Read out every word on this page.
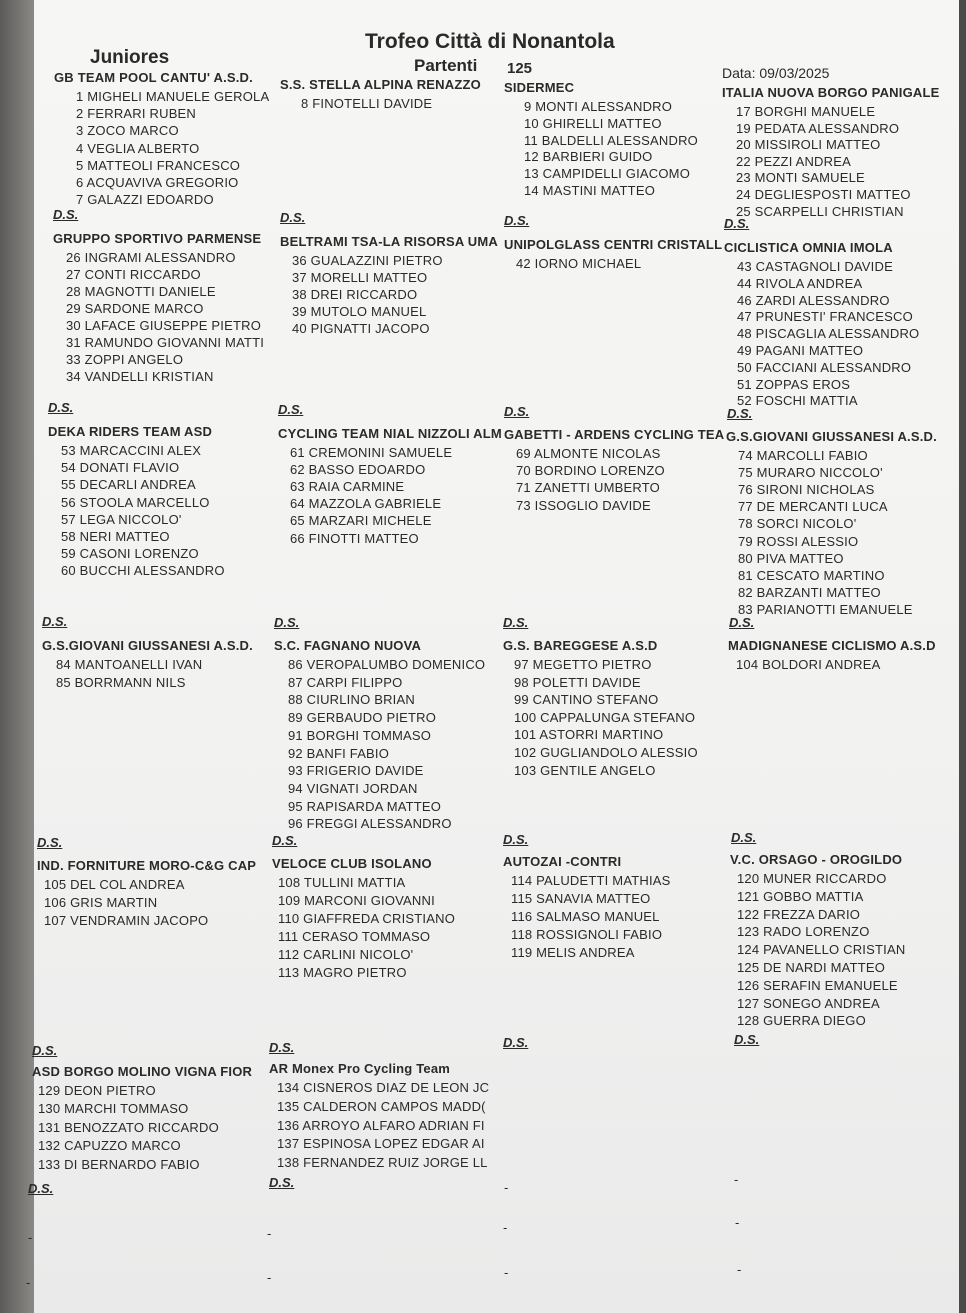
Trofeo Città di Nonantola
Juniores	Partenti 125	Data: 09/03/2025
GB TEAM POOL CANTU' A.S.D.
1 MIGHELI MANUELE GEROLA
2 FERRARI RUBEN
3 ZOCO MARCO
4 VEGLIA ALBERTO
5 MATTEOLI FRANCESCO
6 ACQUAVIVA GREGORIO
7 GALAZZI EDOARDO
S.S. STELLA ALPINA RENAZZO
8 FINOTELLI DAVIDE
SIDERMEC
9 MONTI ALESSANDRO
10 GHIRELLI MATTEO
11 BALDELLI ALESSANDRO
12 BARBIERI GUIDO
13 CAMPIDELLI GIACOMO
14 MASTINI MATTEO
ITALIA NUOVA BORGO PANIGALE
17 BORGHI MANUELE
19 PEDATA ALESSANDRO
20 MISSIROLI MATTEO
22 PEZZI ANDREA
23 MONTI SAMUELE
24 DEGLIESPOSTI MATTEO
25 SCARPELLI CHRISTIAN
GRUPPO SPORTIVO PARMENSE
26 INGRAMI ALESSANDRO
27 CONTI RICCARDO
28 MAGNOTTI DANIELE
29 SARDONE MARCO
30 LAFACE GIUSEPPE PIETRO
31 RAMUNDO GIOVANNI MATTI
33 ZOPPI ANGELO
34 VANDELLI KRISTIAN
BELTRAMI TSA-LA RISORSA UMA
36 GUALAZZINI PIETRO
37 MORELLI MATTEO
38 DREI RICCARDO
39 MUTOLO MANUEL
40 PIGNATTI JACOPO
UNIPOLGLASS CENTRI CRISTALL
42 IORNO MICHAEL
CICLISTICA OMNIA IMOLA
43 CASTAGNOLI DAVIDE
44 RIVOLA ANDREA
46 ZARDI ALESSANDRO
47 PRUNESTI' FRANCESCO
48 PISCAGLIA ALESSANDRO
49 PAGANI MATTEO
50 FACCIANI ALESSANDRO
51 ZOPPAS EROS
52 FOSCHI MATTIA
DEKA RIDERS TEAM ASD
53 MARCACCINI ALEX
54 DONATI FLAVIO
55 DECARLI ANDREA
56 STOOLA MARCELLO
57 LEGA NICCOLO'
58 NERI MATTEO
59 CASONI LORENZO
60 BUCCHI ALESSANDRO
CYCLING TEAM NIAL NIZZOLI ALM
61 CREMONINI SAMUELE
62 BASSO EDOARDO
63 RAIA CARMINE
64 MAZZOLA GABRIELE
65 MARZARI MICHELE
66 FINOTTI MATTEO
GABETTI - ARDENS CYCLING TEA
69 ALMONTE NICOLAS
70 BORDINO LORENZO
71 ZANETTI UMBERTO
73 ISSOGLIO DAVIDE
G.S.GIOVANI GIUSSANESI A.S.D.
74 MARCOLLI FABIO
75 MURARO NICCOLO'
76 SIRONI NICHOLAS
77 DE MERCANTI LUCA
78 SORCI NICOLO'
79 ROSSI ALESSIO
80 PIVA MATTEO
81 CESCATO MARTINO
82 BARZANTI MATTEO
83 PARIANOTTI EMANUELE
G.S.GIOVANI GIUSSANESI A.S.D.
84 MANTOANELLI IVAN
85 BORRMANN NILS
S.C. FAGNANO NUOVA
86 VEROPALUMBO DOMENICO
87 CARPI FILIPPO
88 CIURLINO BRIAN
89 GERBAUDO PIETRO
91 BORGHI TOMMASO
92 BANFI FABIO
93 FRIGERIO DAVIDE
94 VIGNATI JORDAN
95 RAPISARDA MATTEO
96 FREGGI ALESSANDRO
G.S. BAREGGESE A.S.D
97 MEGETTO PIETRO
98 POLETTI DAVIDE
99 CANTINO STEFANO
100 CAPPALUNGA STEFANO
101 ASTORRI MARTINO
102 GUGLIANDOLO ALESSIO
103 GENTILE ANGELO
MADIGNANESE CICLISMO A.S.D
104 BOLDORI ANDREA
IND. FORNITURE MORO-C&G CAP
105 DEL COL ANDREA
106 GRIS MARTIN
107 VENDRAMIN JACOPO
VELOCE CLUB ISOLANO
108 TULLINI MATTIA
109 MARCONI GIOVANNI
110 GIAFFREDA CRISTIANO
111 CERASO TOMMASO
112 CARLINI NICOLO'
113 MAGRO PIETRO
AUTOZAI -CONTRI
114 PALUDETTI MATHIAS
115 SANAVIA MATTEO
116 SALMASO MANUEL
118 ROSSIGNOLI FABIO
119 MELIS ANDREA
V.C. ORSAGO - OROGILDO
120 MUNER RICCARDO
121 GOBBO MATTIA
122 FREZZA DARIO
123 RADO LORENZO
124 PAVANELLO CRISTIAN
125 DE NARDI MATTEO
126 SERAFIN EMANUELE
127 SONEGO ANDREA
128 GUERRA DIEGO
ASD BORGO MOLINO VIGNA FIOR
129 DEON PIETRO
130 MARCHI TOMMASO
131 BENOZZATO RICCARDO
132 CAPUZZO MARCO
133 DI BERNARDO FABIO
AR Monex Pro Cycling Team
134 CISNEROS DIAZ DE LEON JC
135 CALDERON CAMPOS MADD(
136 ARROYO ALFARO ADRIAN FI
137 ESPINOSA LOPEZ EDGAR AI
138 FERNANDEZ RUIZ JORGE LL
D.S.	D.S.	D.S.	D.S.
D.S.	D.S.	D.S.	D.S.
D.S.	D.S.	D.S.	D.S.
D.S.	D.S.	D.S.	D.S.
D.S.	D.S.	D.S.	D.S.
D.S.	D.S.
-
-
-
-
-
-
-
-
-
-
